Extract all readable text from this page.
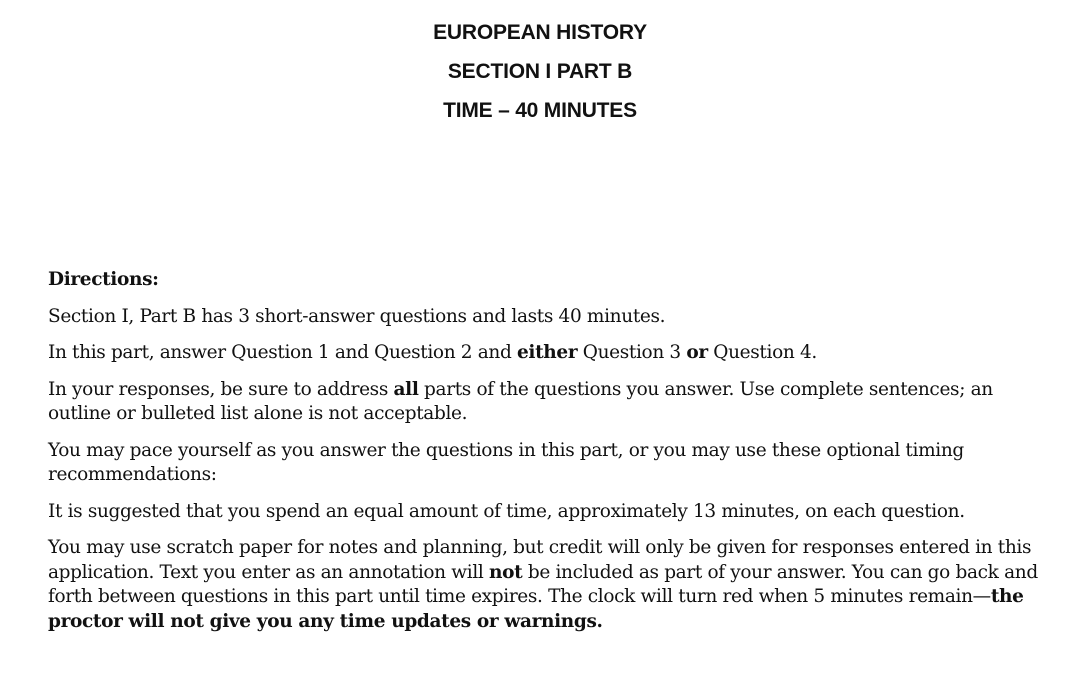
EUROPEAN HISTORY
SECTION I PART B
TIME – 40 MINUTES
Directions:

Section I, Part B has 3 short-answer questions and lasts 40 minutes.

In this part, answer Question 1 and Question 2 and either Question 3 or Question 4.

In your responses, be sure to address all parts of the questions you answer. Use complete sentences; an outline or bulleted list alone is not acceptable.

You may pace yourself as you answer the questions in this part, or you may use these optional timing recommendations:

It is suggested that you spend an equal amount of time, approximately 13 minutes, on each question.

You may use scratch paper for notes and planning, but credit will only be given for responses entered in this application. Text you enter as an annotation will not be included as part of your answer. You can go back and forth between questions in this part until time expires. The clock will turn red when 5 minutes remain—the proctor will not give you any time updates or warnings.
